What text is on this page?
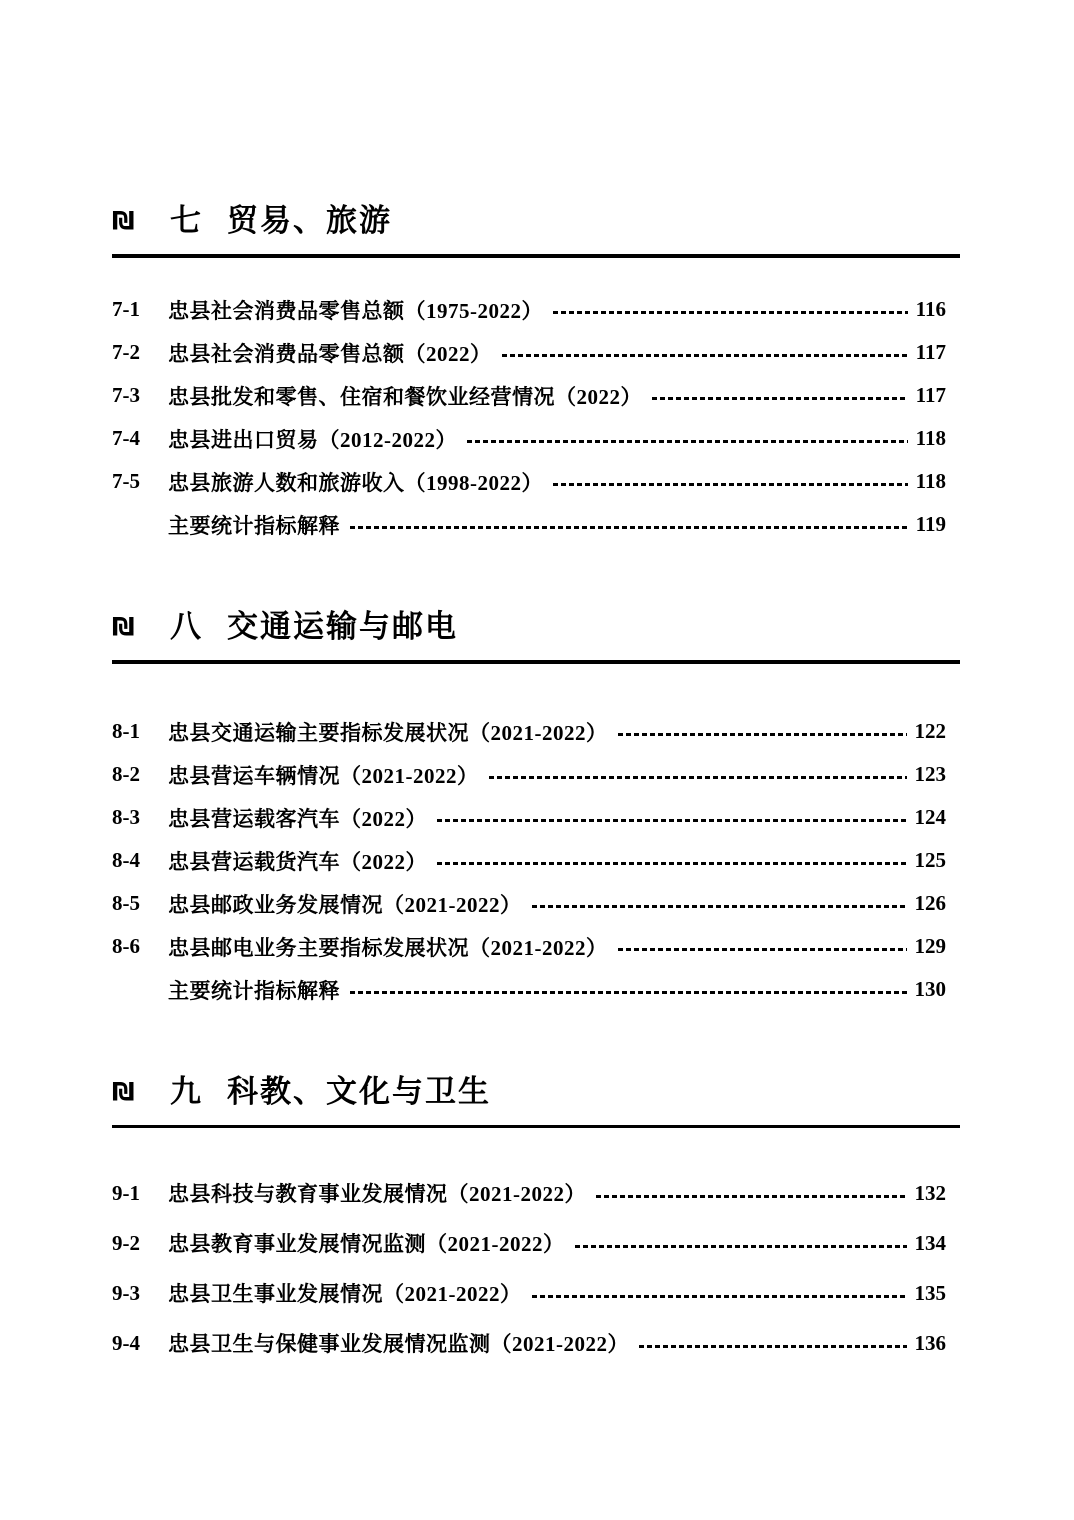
₪ 七 贸易、旅游
7-1	忠县社会消费品零售总额（1975-2022）	116
7-2	忠县社会消费品零售总额（2022）	117
7-3	忠县批发和零售、住宿和餐饮业经营情况（2022）	117
7-4	忠县进出口贸易（2012-2022）	118
7-5	忠县旅游人数和旅游收入（1998-2022）	118
主要统计指标解释	119
₪ 八 交通运输与邮电
8-1	忠县交通运输主要指标发展状况（2021-2022）	122
8-2	忠县营运车辆情况（2021-2022）	123
8-3	忠县营运载客汽车（2022）	124
8-4	忠县营运载货汽车（2022）	125
8-5	忠县邮政业务发展情况（2021-2022）	126
8-6	忠县邮电业务主要指标发展状况（2021-2022）	129
主要统计指标解释	130
₪ 九 科教、文化与卫生
9-1	忠县科技与教育事业发展情况（2021-2022）	132
9-2	忠县教育事业发展情况监测（2021-2022）	134
9-3	忠县卫生事业发展情况（2021-2022）	135
9-4	忠县卫生与保健事业发展情况监测（2021-2022）	136
